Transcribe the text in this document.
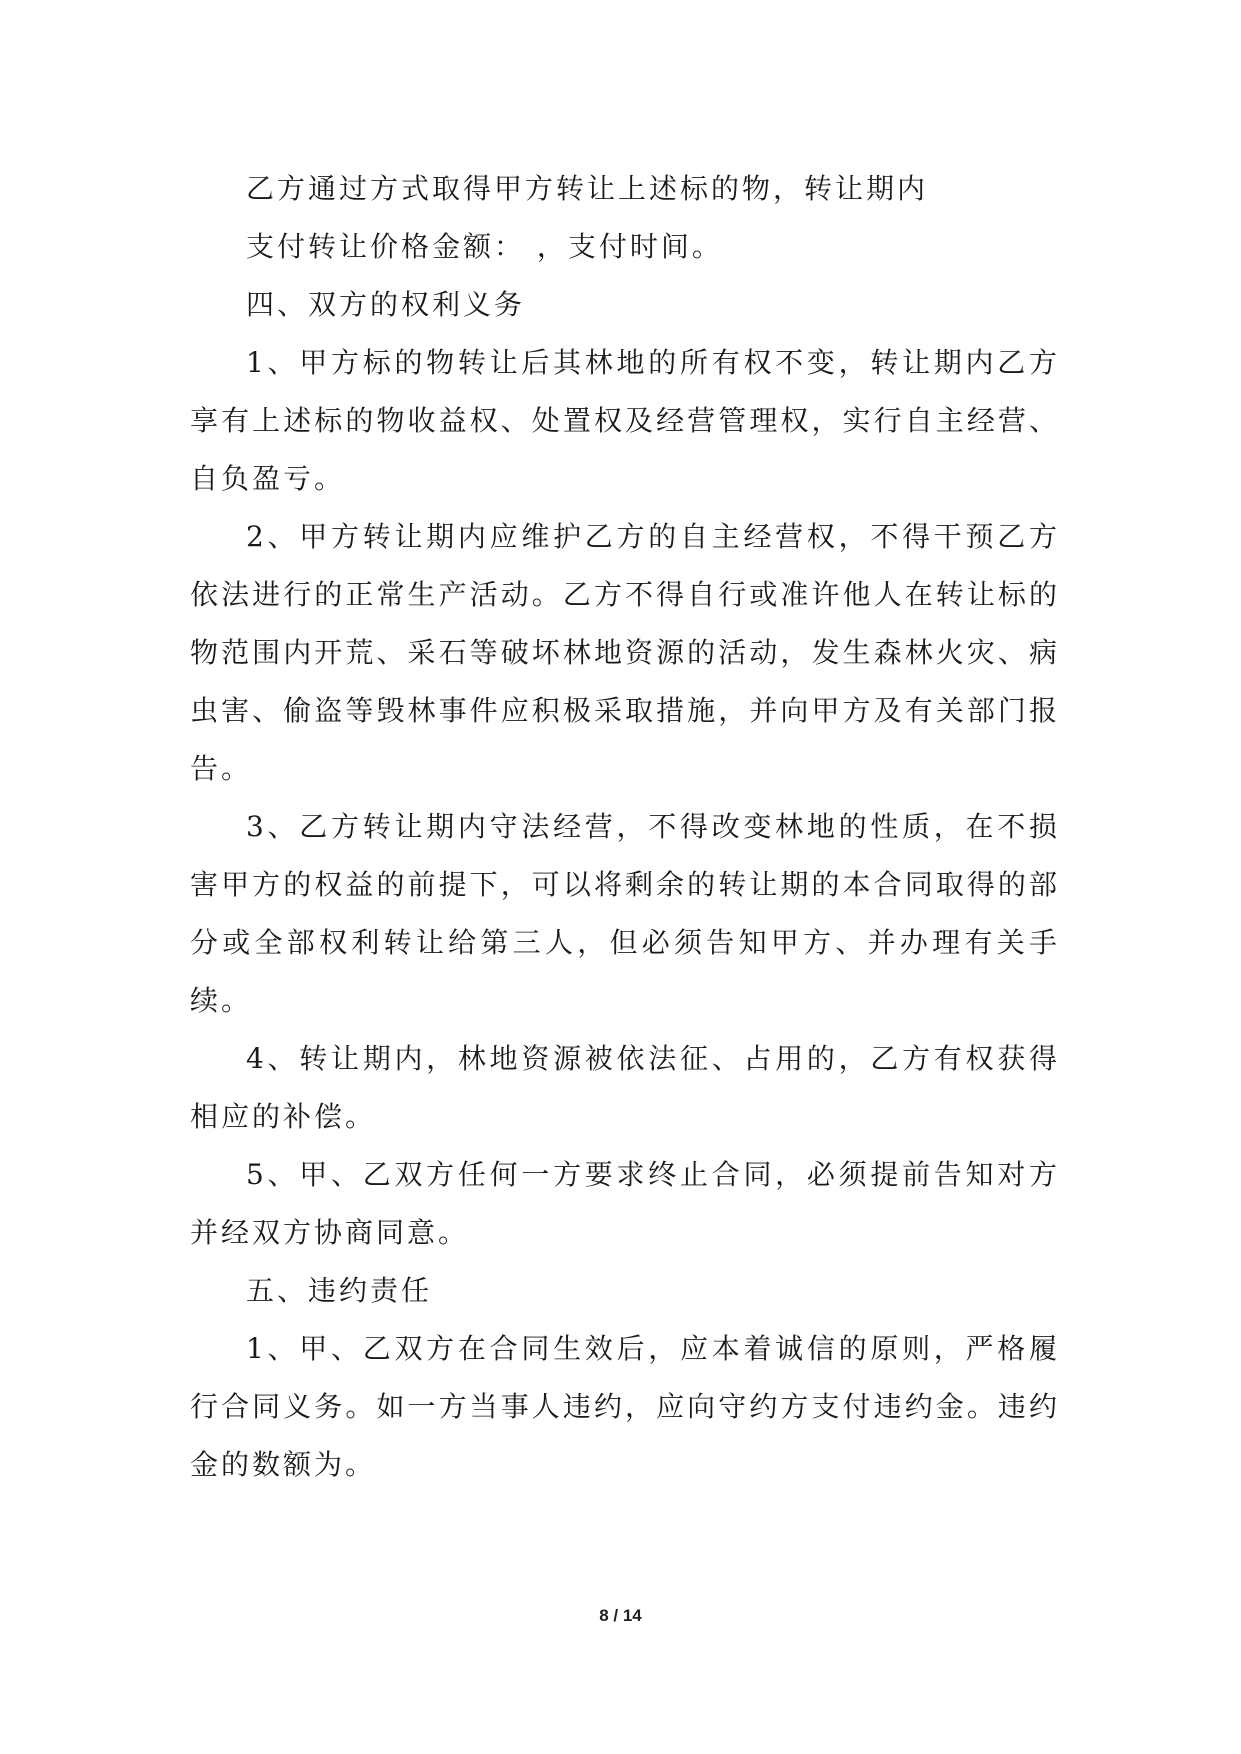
乙方通过方式取得甲方转让上述标的物，转让期内

支付转让价格金额： ，支付时间。

四、双方的权利义务

1、甲方标的物转让后其林地的所有权不变，转让期内乙方享有上述标的物收益权、处置权及经营管理权，实行自主经营、自负盈亏。

2、甲方转让期内应维护乙方的自主经营权，不得干预乙方依法进行的正常生产活动。乙方不得自行或准许他人在转让标的物范围内开荒、采石等破坏林地资源的活动，发生森林火灾、病虫害、偷盗等毁林事件应积极采取措施，并向甲方及有关部门报告。

3、乙方转让期内守法经营，不得改变林地的性质，在不损害甲方的权益的前提下，可以将剩余的转让期的本合同取得的部分或全部权利转让给第三人，但必须告知甲方、并办理有关手续。

4、转让期内，林地资源被依法征、占用的，乙方有权获得相应的补偿。

5、甲、乙双方任何一方要求终止合同，必须提前告知对方并经双方协商同意。

五、违约责任

1、甲、乙双方在合同生效后，应本着诚信的原则，严格履行合同义务。如一方当事人违约，应向守约方支付违约金。违约金的数额为。

8 / 14
